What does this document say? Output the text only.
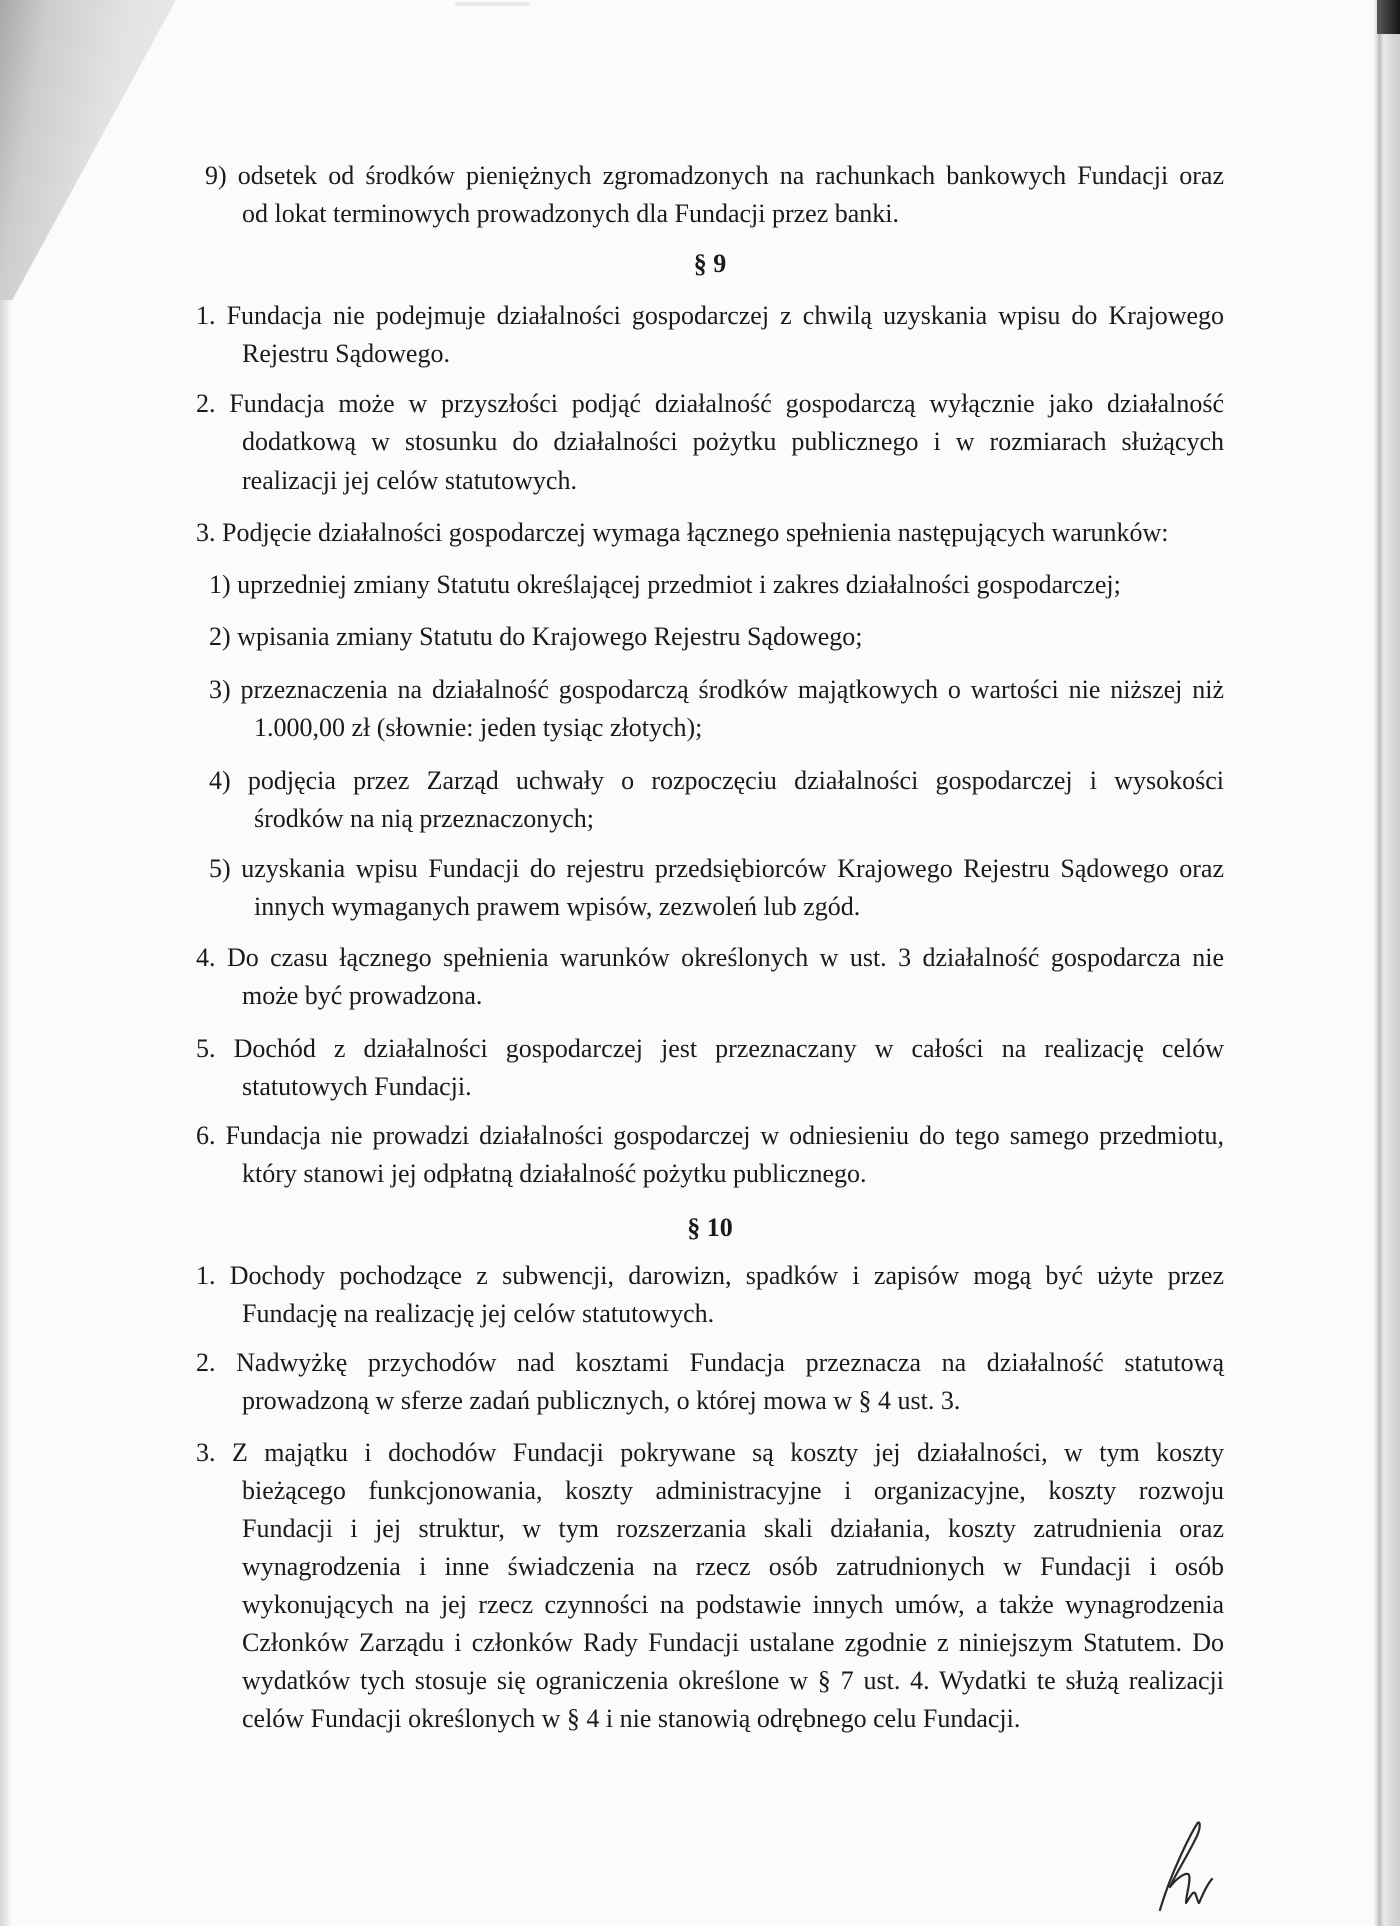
9) odsetek od środków pieniężnych zgromadzonych na rachunkach bankowych Fundacji oraz
od lokat terminowych prowadzonych dla Fundacji przez banki.
§ 9
1. Fundacja nie podejmuje działalności gospodarczej z chwilą uzyskania wpisu do Krajowego
Rejestru Sądowego.
2. Fundacja może w przyszłości podjąć działalność gospodarczą wyłącznie jako działalność
dodatkową w stosunku do działalności pożytku publicznego i w rozmiarach służących
realizacji jej celów statutowych.
3. Podjęcie działalności gospodarczej wymaga łącznego spełnienia następujących warunków:
1) uprzedniej zmiany Statutu określającej przedmiot i zakres działalności gospodarczej;
2) wpisania zmiany Statutu do Krajowego Rejestru Sądowego;
3) przeznaczenia na działalność gospodarczą środków majątkowych o wartości nie niższej niż
1.000,00 zł (słownie: jeden tysiąc złotych);
4) podjęcia przez Zarząd uchwały o rozpoczęciu działalności gospodarczej i wysokości
środków na nią przeznaczonych;
5) uzyskania wpisu Fundacji do rejestru przedsiębiorców Krajowego Rejestru Sądowego oraz
innych wymaganych prawem wpisów, zezwoleń lub zgód.
4. Do czasu łącznego spełnienia warunków określonych w ust. 3 działalność gospodarcza nie
może być prowadzona.
5. Dochód z działalności gospodarczej jest przeznaczany w całości na realizację celów
statutowych Fundacji.
6. Fundacja nie prowadzi działalności gospodarczej w odniesieniu do tego samego przedmiotu,
który stanowi jej odpłatną działalność pożytku publicznego.
§ 10
1. Dochody pochodzące z subwencji, darowizn, spadków i zapisów mogą być użyte przez
Fundację na realizację jej celów statutowych.
2. Nadwyżkę przychodów nad kosztami Fundacja przeznacza na działalność statutową
prowadzoną w sferze zadań publicznych, o której mowa w § 4 ust. 3.
3. Z majątku i dochodów Fundacji pokrywane są koszty jej działalności, w tym koszty
bieżącego funkcjonowania, koszty administracyjne i organizacyjne, koszty rozwoju
Fundacji i jej struktur, w tym rozszerzania skali działania, koszty zatrudnienia oraz
wynagrodzenia i inne świadczenia na rzecz osób zatrudnionych w Fundacji i osób
wykonujących na jej rzecz czynności na podstawie innych umów, a także wynagrodzenia
Członków Zarządu i członków Rady Fundacji ustalane zgodnie z niniejszym Statutem. Do
wydatków tych stosuje się ograniczenia określone w § 7 ust. 4. Wydatki te służą realizacji
celów Fundacji określonych w § 4 i nie stanowią odrębnego celu Fundacji.
